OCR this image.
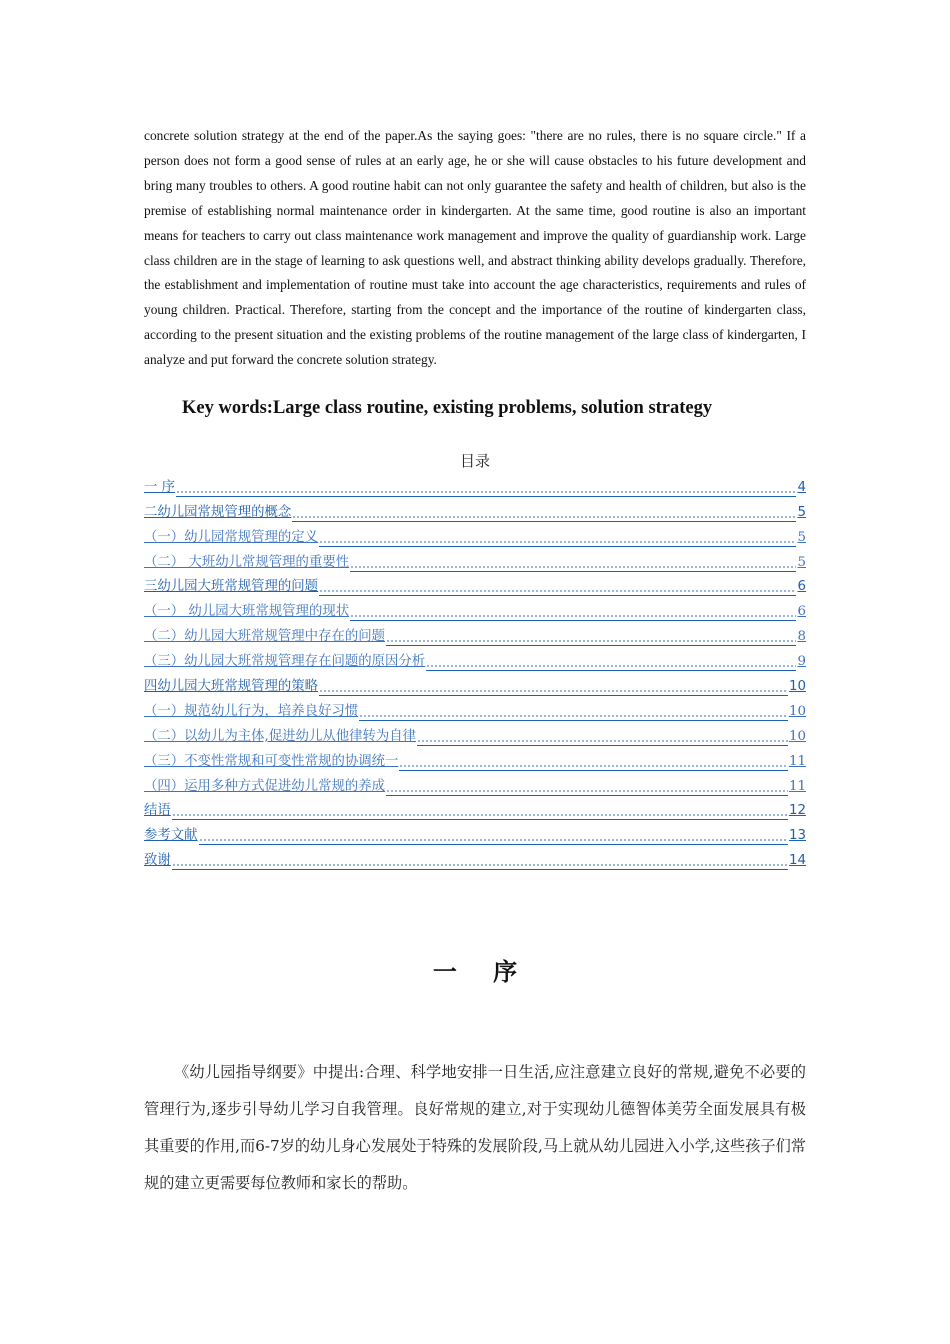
concrete solution strategy at the end of the paper.As the saying goes: "there are no rules, there is no square circle." If a person does not form a good sense of rules at an early age, he or she will cause obstacles to his future development and bring many troubles to others. A good routine habit can not only guarantee the safety and health of children, but also is the premise of establishing normal maintenance order in kindergarten. At the same time, good routine is also an important means for teachers to carry out class maintenance work management and improve the quality of guardianship work. Large class children are in the stage of learning to ask questions well, and abstract thinking ability develops gradually. Therefore, the establishment and implementation of routine must take into account the age characteristics, requirements and rules of young children. Practical. Therefore, starting from the concept and the importance of the routine of kindergarten class, according to the present situation and the existing problems of the routine management of the large class of kindergarten, I analyze and put forward the concrete solution strategy.

Key words:Large class routine, existing problems, solution strategy

目录

一 序	4
二幼儿园常规管理的概念	5
（一）幼儿园常规管理的定义	5
（二） 大班幼儿常规管理的重要性	5
三幼儿园大班常规管理的问题	6
（一） 幼儿园大班常规管理的现状	6
（二）幼儿园大班常规管理中存在的问题	8
（三）幼儿园大班常规管理存在问题的原因分析	9
四幼儿园大班常规管理的策略	10
（一）规范幼儿行为，培养良好习惯	10
（二）以幼儿为主体,促进幼儿从他律转为自律	10
（三）不变性常规和可变性常规的协调统一	11
（四）运用多种方式促进幼儿常规的养成	11
结语	12
参考文献	13
致谢	14
一 序

《幼儿园指导纲要》中提出:合理、科学地安排一日生活,应注意建立良好的常规,避免不必要的管理行为,逐步引导幼儿学习自我管理。良好常规的建立,对于实现幼儿德智体美劳全面发展具有极其重要的作用,而6-7岁的幼儿身心发展处于特殊的发展阶段,马上就从幼儿园进入小学,这些孩子们常规的建立更需要每位教师和家长的帮助。
